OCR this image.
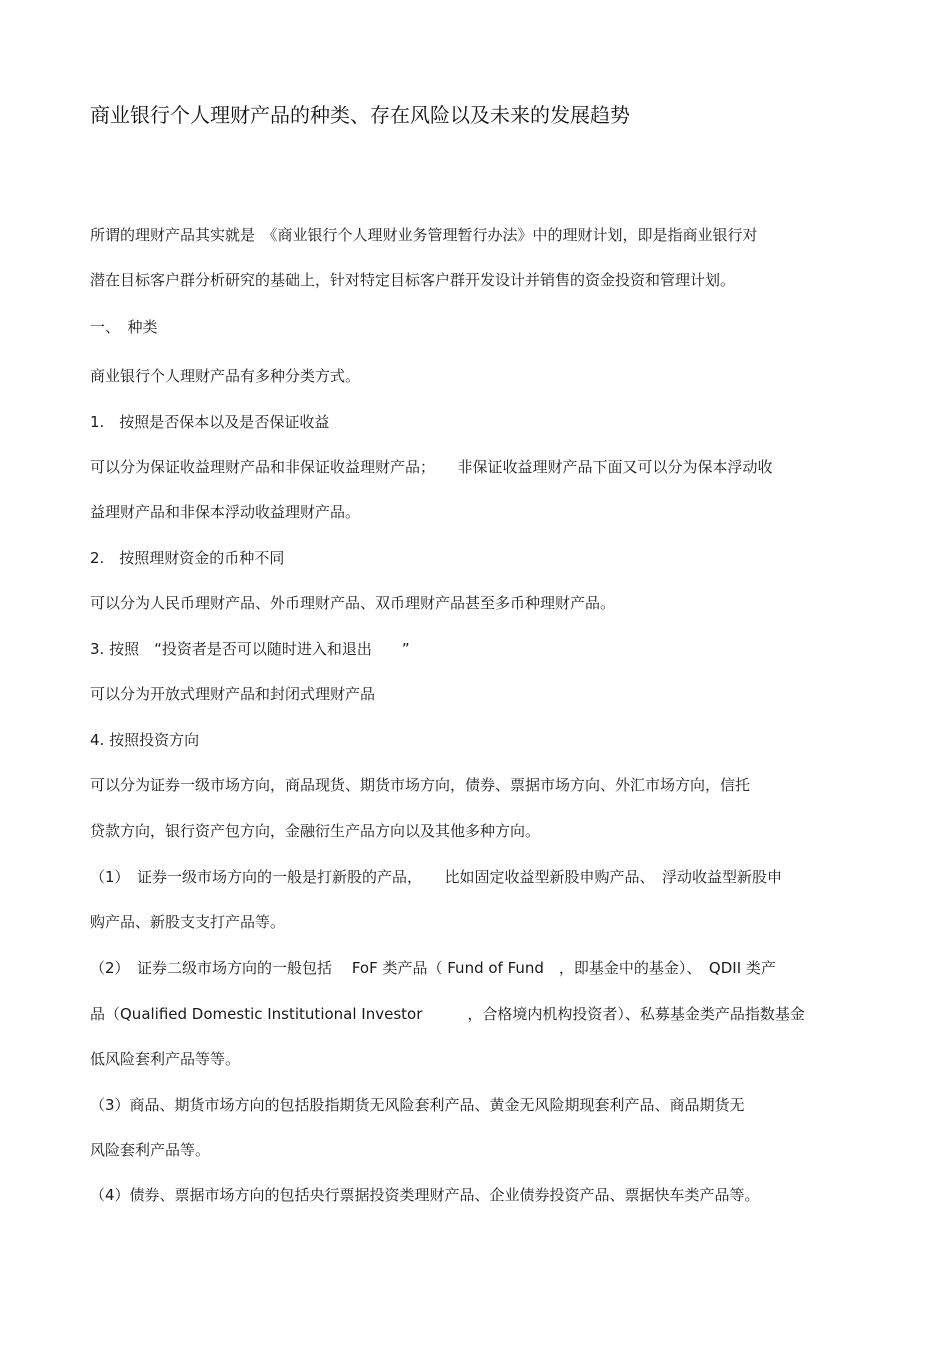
商业银行个人理财产品的种类、存在风险以及未来的发展趋势
所谓的理财产品其实就是　《商业银行个人理财业务管理暂行办法》中的理财计划，即是指商业银行对
潜在目标客户群分析研究的基础上，针对特定目标客户群开发设计并销售的资金投资和管理计划。
一、　种类
商业银行个人理财产品有多种分类方式。
1.　按照是否保本以及是否保证收益
可以分为保证收益理财产品和非保证收益理财产品；　　非保证收益理财产品下面又可以分为保本浮动收
益理财产品和非保本浮动收益理财产品。
2.　按照理财资金的币种不同
可以分为人民币理财产品、外币理财产品、双币理财产品甚至多币种理财产品。
3. 按照　“投资者是否可以随时进入和退出　　”
可以分为开放式理财产品和封闭式理财产品
4. 按照投资方向
可以分为证券一级市场方向，商品现货、期货市场方向，债券、票据市场方向、外汇市场方向，信托
贷款方向，银行资产包方向，金融衍生产品方向以及其他多种方向。
（1）　证券一级市场方向的一般是打新股的产品，　　比如固定收益型新股申购产品、　浮动收益型新股申
购产品、新股支支打产品等。
（2）　证券二级市场方向的一般包括　 FoF 类产品（ Fund of Fund　，即基金中的基金）、　QDII 类产
品（Qualified Domestic Institutional Investor　　　，合格境内机构投资者）、私募基金类产品指数基金
低风险套利产品等等。
（3）商品、期货市场方向的包括股指期货无风险套利产品、黄金无风险期现套利产品、商品期货无
风险套利产品等。
（4）债券、票据市场方向的包括央行票据投资类理财产品、企业债券投资产品、票据快车类产品等。
